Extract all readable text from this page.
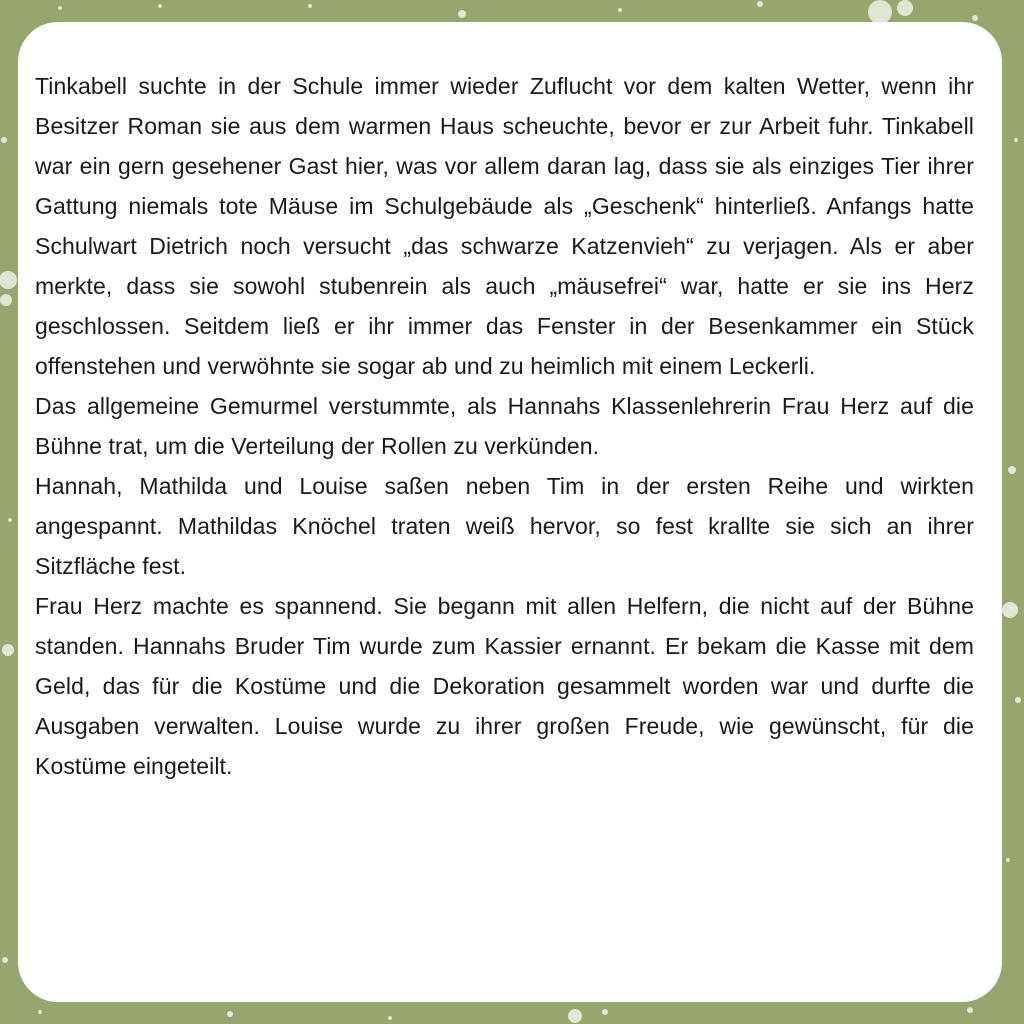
Tinkabell suchte in der Schule immer wieder Zuflucht vor dem kalten Wetter, wenn ihr Besitzer Roman sie aus dem warmen Haus scheuchte, bevor er zur Arbeit fuhr. Tinkabell war ein gern gesehener Gast hier, was vor allem daran lag, dass sie als einziges Tier ihrer Gattung niemals tote Mäuse im Schulgebäude als „Geschenk“ hinterließ. Anfangs hatte Schulwart Dietrich noch versucht „das schwarze Katzenvieh“ zu verjagen. Als er aber merkte, dass sie sowohl stubenrein als auch „mäusefrei“ war, hatte er sie ins Herz geschlossen. Seitdem ließ er ihr immer das Fenster in der Besenkammer ein Stück offenstehen und verwöhnte sie sogar ab und zu heimlich mit einem Leckerli.

Das allgemeine Gemurmel verstummte, als Hannahs Klassenlehrerin Frau Herz auf die Bühne trat, um die Verteilung der Rollen zu verkünden.

Hannah, Mathilda und Louise saßen neben Tim in der ersten Reihe und wirkten angespannt. Mathildas Knöchel traten weiß hervor, so fest krallte sie sich an ihrer Sitzfläche fest.

Frau Herz machte es spannend. Sie begann mit allen Helfern, die nicht auf der Bühne standen. Hannahs Bruder Tim wurde zum Kassier ernannt. Er bekam die Kasse mit dem Geld, das für die Kostüme und die Dekoration gesammelt worden war und durfte die Ausgaben verwalten. Louise wurde zu ihrer großen Freude, wie gewünscht, für die Kostüme eingeteilt.
